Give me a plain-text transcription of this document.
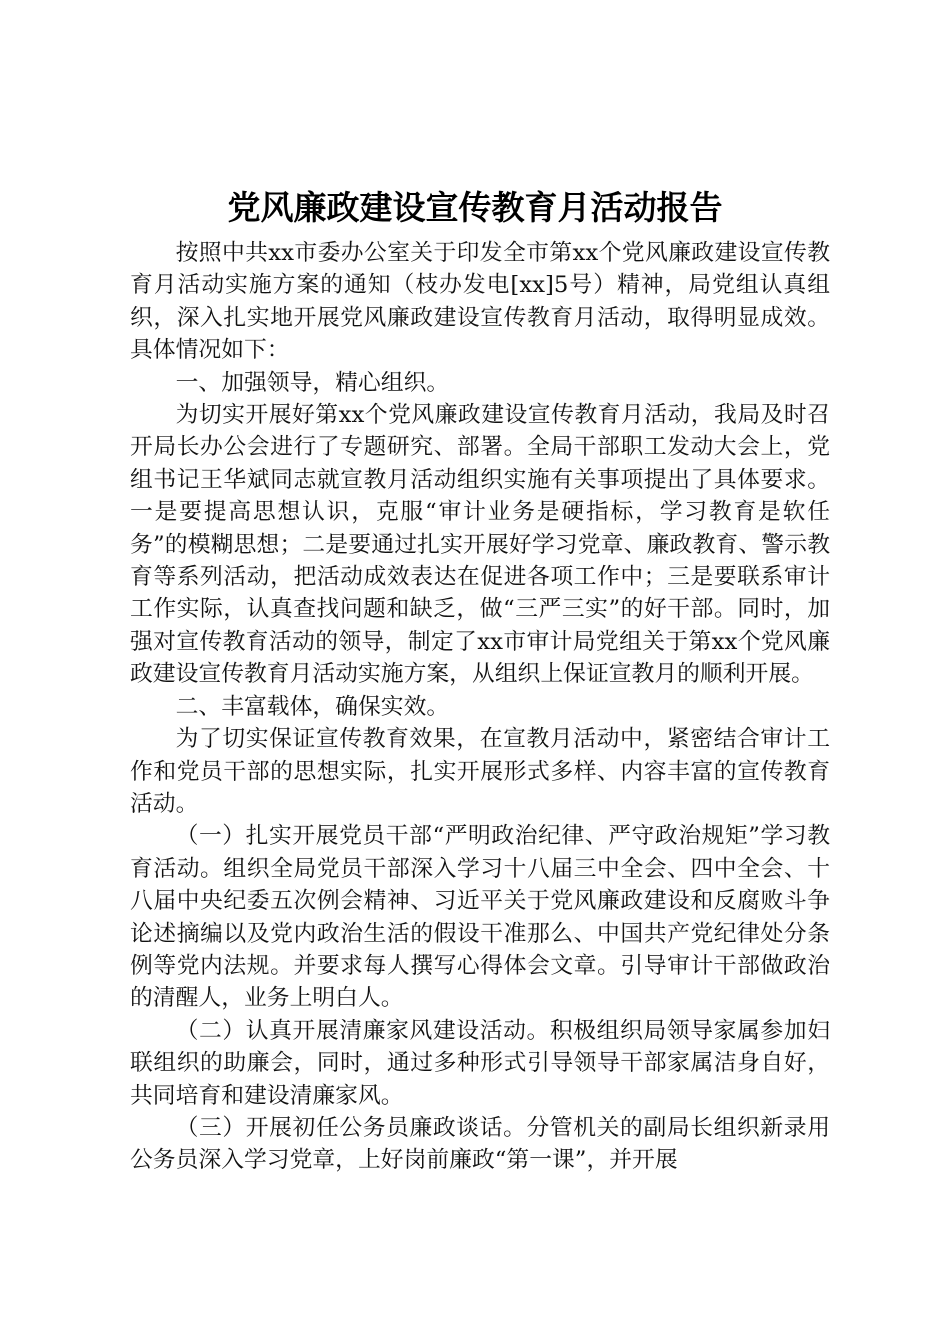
党风廉政建设宣传教育月活动报告

按照中共xx市委办公室关于印发全市第xx个党风廉政建设宣传教育月活动实施方案的通知（枝办发电[xx]5号）精神，局党组认真组织，深入扎实地开展党风廉政建设宣传教育月活动，取得明显成效。具体情况如下：

一、加强领导，精心组织。

为切实开展好第xx个党风廉政建设宣传教育月活动，我局及时召开局长办公会进行了专题研究、部署。全局干部职工发动大会上，党组书记王华斌同志就宣教月活动组织实施有关事项提出了具体要求。一是要提高思想认识，克服“审计业务是硬指标，学习教育是软任务”的模糊思想；二是要通过扎实开展好学习党章、廉政教育、警示教育等系列活动，把活动成效表达在促进各项工作中；三是要联系审计工作实际，认真查找问题和缺乏，做“三严三实”的好干部。同时，加强对宣传教育活动的领导，制定了xx市审计局党组关于第xx个党风廉政建设宣传教育月活动实施方案，从组织上保证宣教月的顺利开展。

二、丰富载体，确保实效。

为了切实保证宣传教育效果，在宣教月活动中，紧密结合审计工作和党员干部的思想实际，扎实开展形式多样、内容丰富的宣传教育活动。

（一）扎实开展党员干部“严明政治纪律、严守政治规矩”学习教育活动。组织全局党员干部深入学习十八届三中全会、四中全会、十八届中央纪委五次例会精神、习近平关于党风廉政建设和反腐败斗争论述摘编以及党内政治生活的假设干准那么、中国共产党纪律处分条例等党内法规。并要求每人撰写心得体会文章。引导审计干部做政治的清醒人，业务上明白人。

（二）认真开展清廉家风建设活动。积极组织局领导家属参加妇联组织的助廉会，同时，通过多种形式引导领导干部家属洁身自好，共同培育和建设清廉家风。

（三）开展初任公务员廉政谈话。分管机关的副局长组织新录用公务员深入学习党章，上好岗前廉政“第一课”，并开展
